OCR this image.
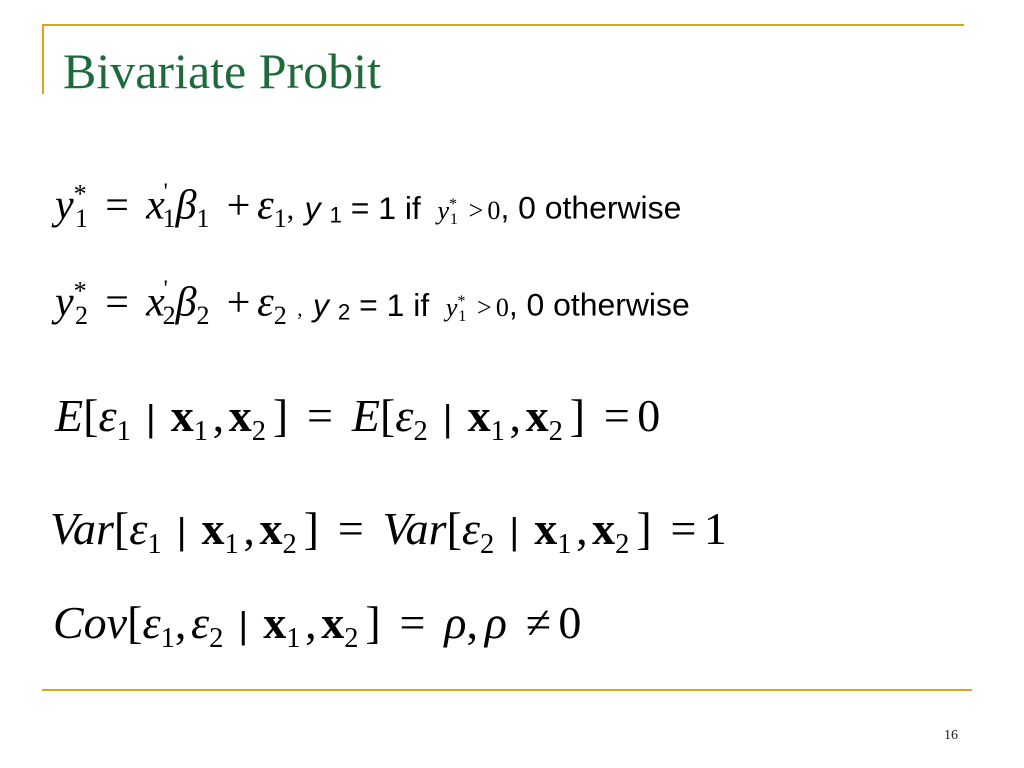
Bivariate Probit
$y^*_1 = x'_1\beta_1 + \varepsilon_1$, y 1 = 1 if $y^*_1 > 0$, 0 otherwise
$y^*_2 = x'_2\beta_2 + \varepsilon_2$ , y 2 = 1 if $y^*_1 > 0$, 0 otherwise
$E[\varepsilon_1$ | $x_1,x_2$ ] = $E[\varepsilon_2$ | $x_1,x_2$ ] = 0
$Var[\varepsilon_1$ | $x_1,x_2$ ] = $Var[\varepsilon_2$ | $x_1,x_2$ ] = 1
$Cov[\varepsilon_1,\varepsilon_2$ | $x_1,x_2$ ] = ρ, ρ ≠ 0
16
